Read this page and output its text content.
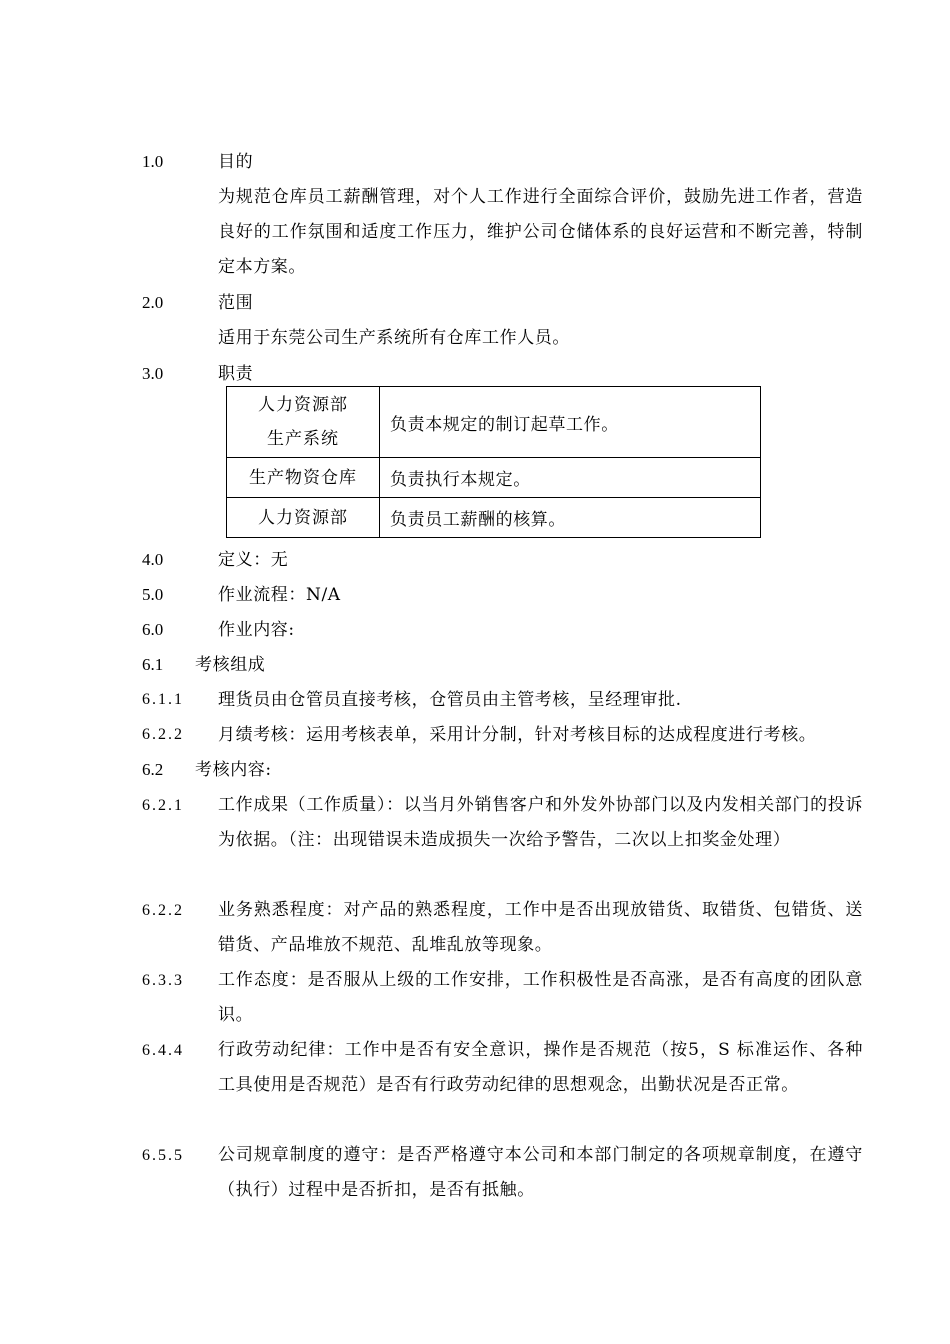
1.0	目的
为规范仓库员工薪酬管理，对个人工作进行全面综合评价，鼓励先进工作者，营造良好的工作氛围和适度工作压力，维护公司仓储体系的良好运营和不断完善，特制定本方案。
2.0	范围
适用于东莞公司生产系统所有仓库工作人员。
3.0	职责
人力资源部
生产系统	负责本规定的制订起草工作。

生产物资仓库	负责执行本规定。

人力资源部	负责员工薪酬的核算。
4.0	定义：无
5.0	作业流程：N/A
6.0	作业内容:
6.1 考核组成
6.1.1 理货员由仓管员直接考核，仓管员由主管考核，呈经理审批.
6.2.2 月绩考核：运用考核表单，采用计分制，针对考核目标的达成程度进行考核。
6.2 考核内容:
6.2.1 工作成果（工作质量）：以当月外销售客户和外发外协部门以及内发相关部门的投诉为依据。（注：出现错误未造成损失一次给予警告，二次以上扣奖金处理）
6.2.2 业务熟悉程度：对产品的熟悉程度，工作中是否出现放错货、取错货、包错货、送错货、产品堆放不规范、乱堆乱放等现象。
6.3.3 工作态度：是否服从上级的工作安排，工作积极性是否高涨，是否有高度的团队意识。
6.4.4 行政劳动纪律：工作中是否有安全意识，操作是否规范（按5，S 标准运作、各种工具使用是否规范）是否有行政劳动纪律的思想观念，出勤状况是否正常。
6.5.5 公司规章制度的遵守：是否严格遵守本公司和本部门制定的各项规章制度，在遵守（执行）过程中是否折扣，是否有抵触。
